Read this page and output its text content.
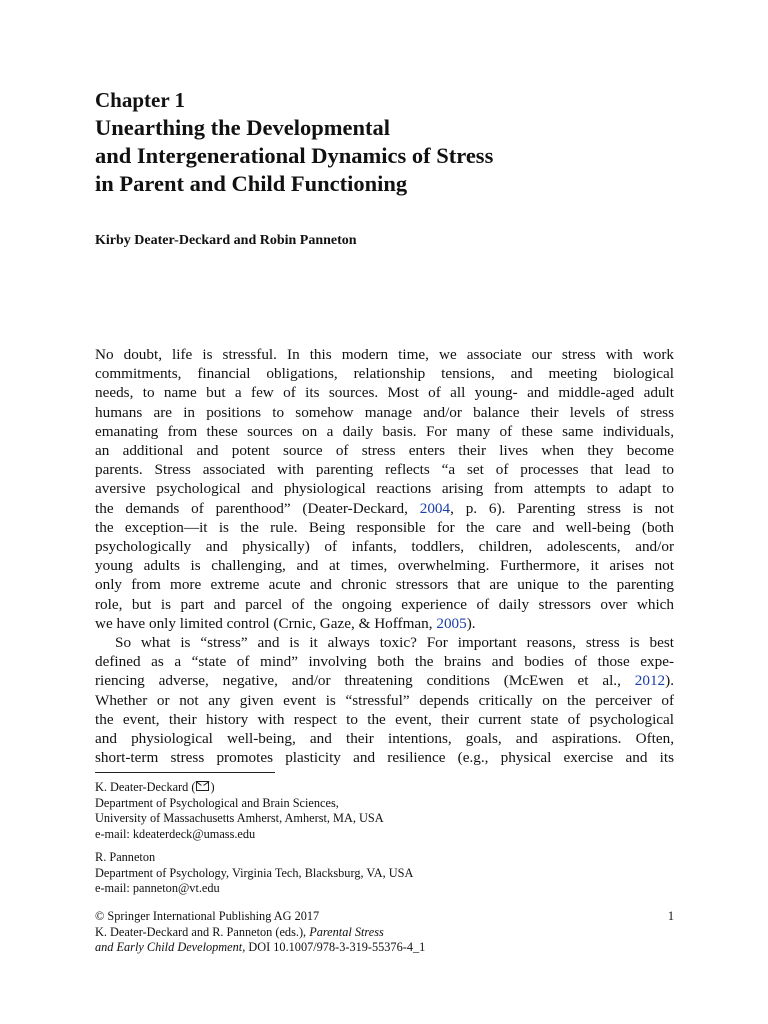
Chapter 1
Unearthing the Developmental
and Intergenerational Dynamics of Stress
in Parent and Child Functioning
Kirby Deater-Deckard and Robin Panneton

No doubt, life is stressful. In this modern time, we associate our stress with work
commitments, financial obligations, relationship tensions, and meeting biological
needs, to name but a few of its sources. Most of all young- and middle-aged adult
humans are in positions to somehow manage and/or balance their levels of stress
emanating from these sources on a daily basis. For many of these same individuals,
an additional and potent source of stress enters their lives when they become
parents. Stress associated with parenting reflects “a set of processes that lead to
aversive psychological and physiological reactions arising from attempts to adapt to
the demands of parenthood” (Deater-Deckard, 2004, p. 6). Parenting stress is not
the exception—it is the rule. Being responsible for the care and well-being (both
psychologically and physically) of infants, toddlers, children, adolescents, and/or
young adults is challenging, and at times, overwhelming. Furthermore, it arises not
only from more extreme acute and chronic stressors that are unique to the parenting
role, but is part and parcel of the ongoing experience of daily stressors over which
we have only limited control (Crnic, Gaze, & Hoffman, 2005).

So what is “stress” and is it always toxic? For important reasons, stress is best
defined as a “state of mind” involving both the brains and bodies of those expe-
riencing adverse, negative, and/or threatening conditions (McEwen et al., 2012).
Whether or not any given event is “stressful” depends critically on the perceiver of
the event, their history with respect to the event, their current state of psychological
and physiological well-being, and their intentions, goals, and aspirations. Often,
short-term stress promotes plasticity and resilience (e.g., physical exercise and its

K. Deater-Deckard ( )
Department of Psychological and Brain Sciences,
University of Massachusetts Amherst, Amherst, MA, USA
e-mail: kdeaterdeck@umass.edu
R. Panneton
Department of Psychology, Virginia Tech, Blacksburg, VA, USA
e-mail: panneton@vt.edu
© Springer International Publishing AG 2017	1
K. Deater-Deckard and R. Panneton (eds.), Parental Stress
and Early Child Development, DOI 10.1007/978-3-319-55376-4_1
